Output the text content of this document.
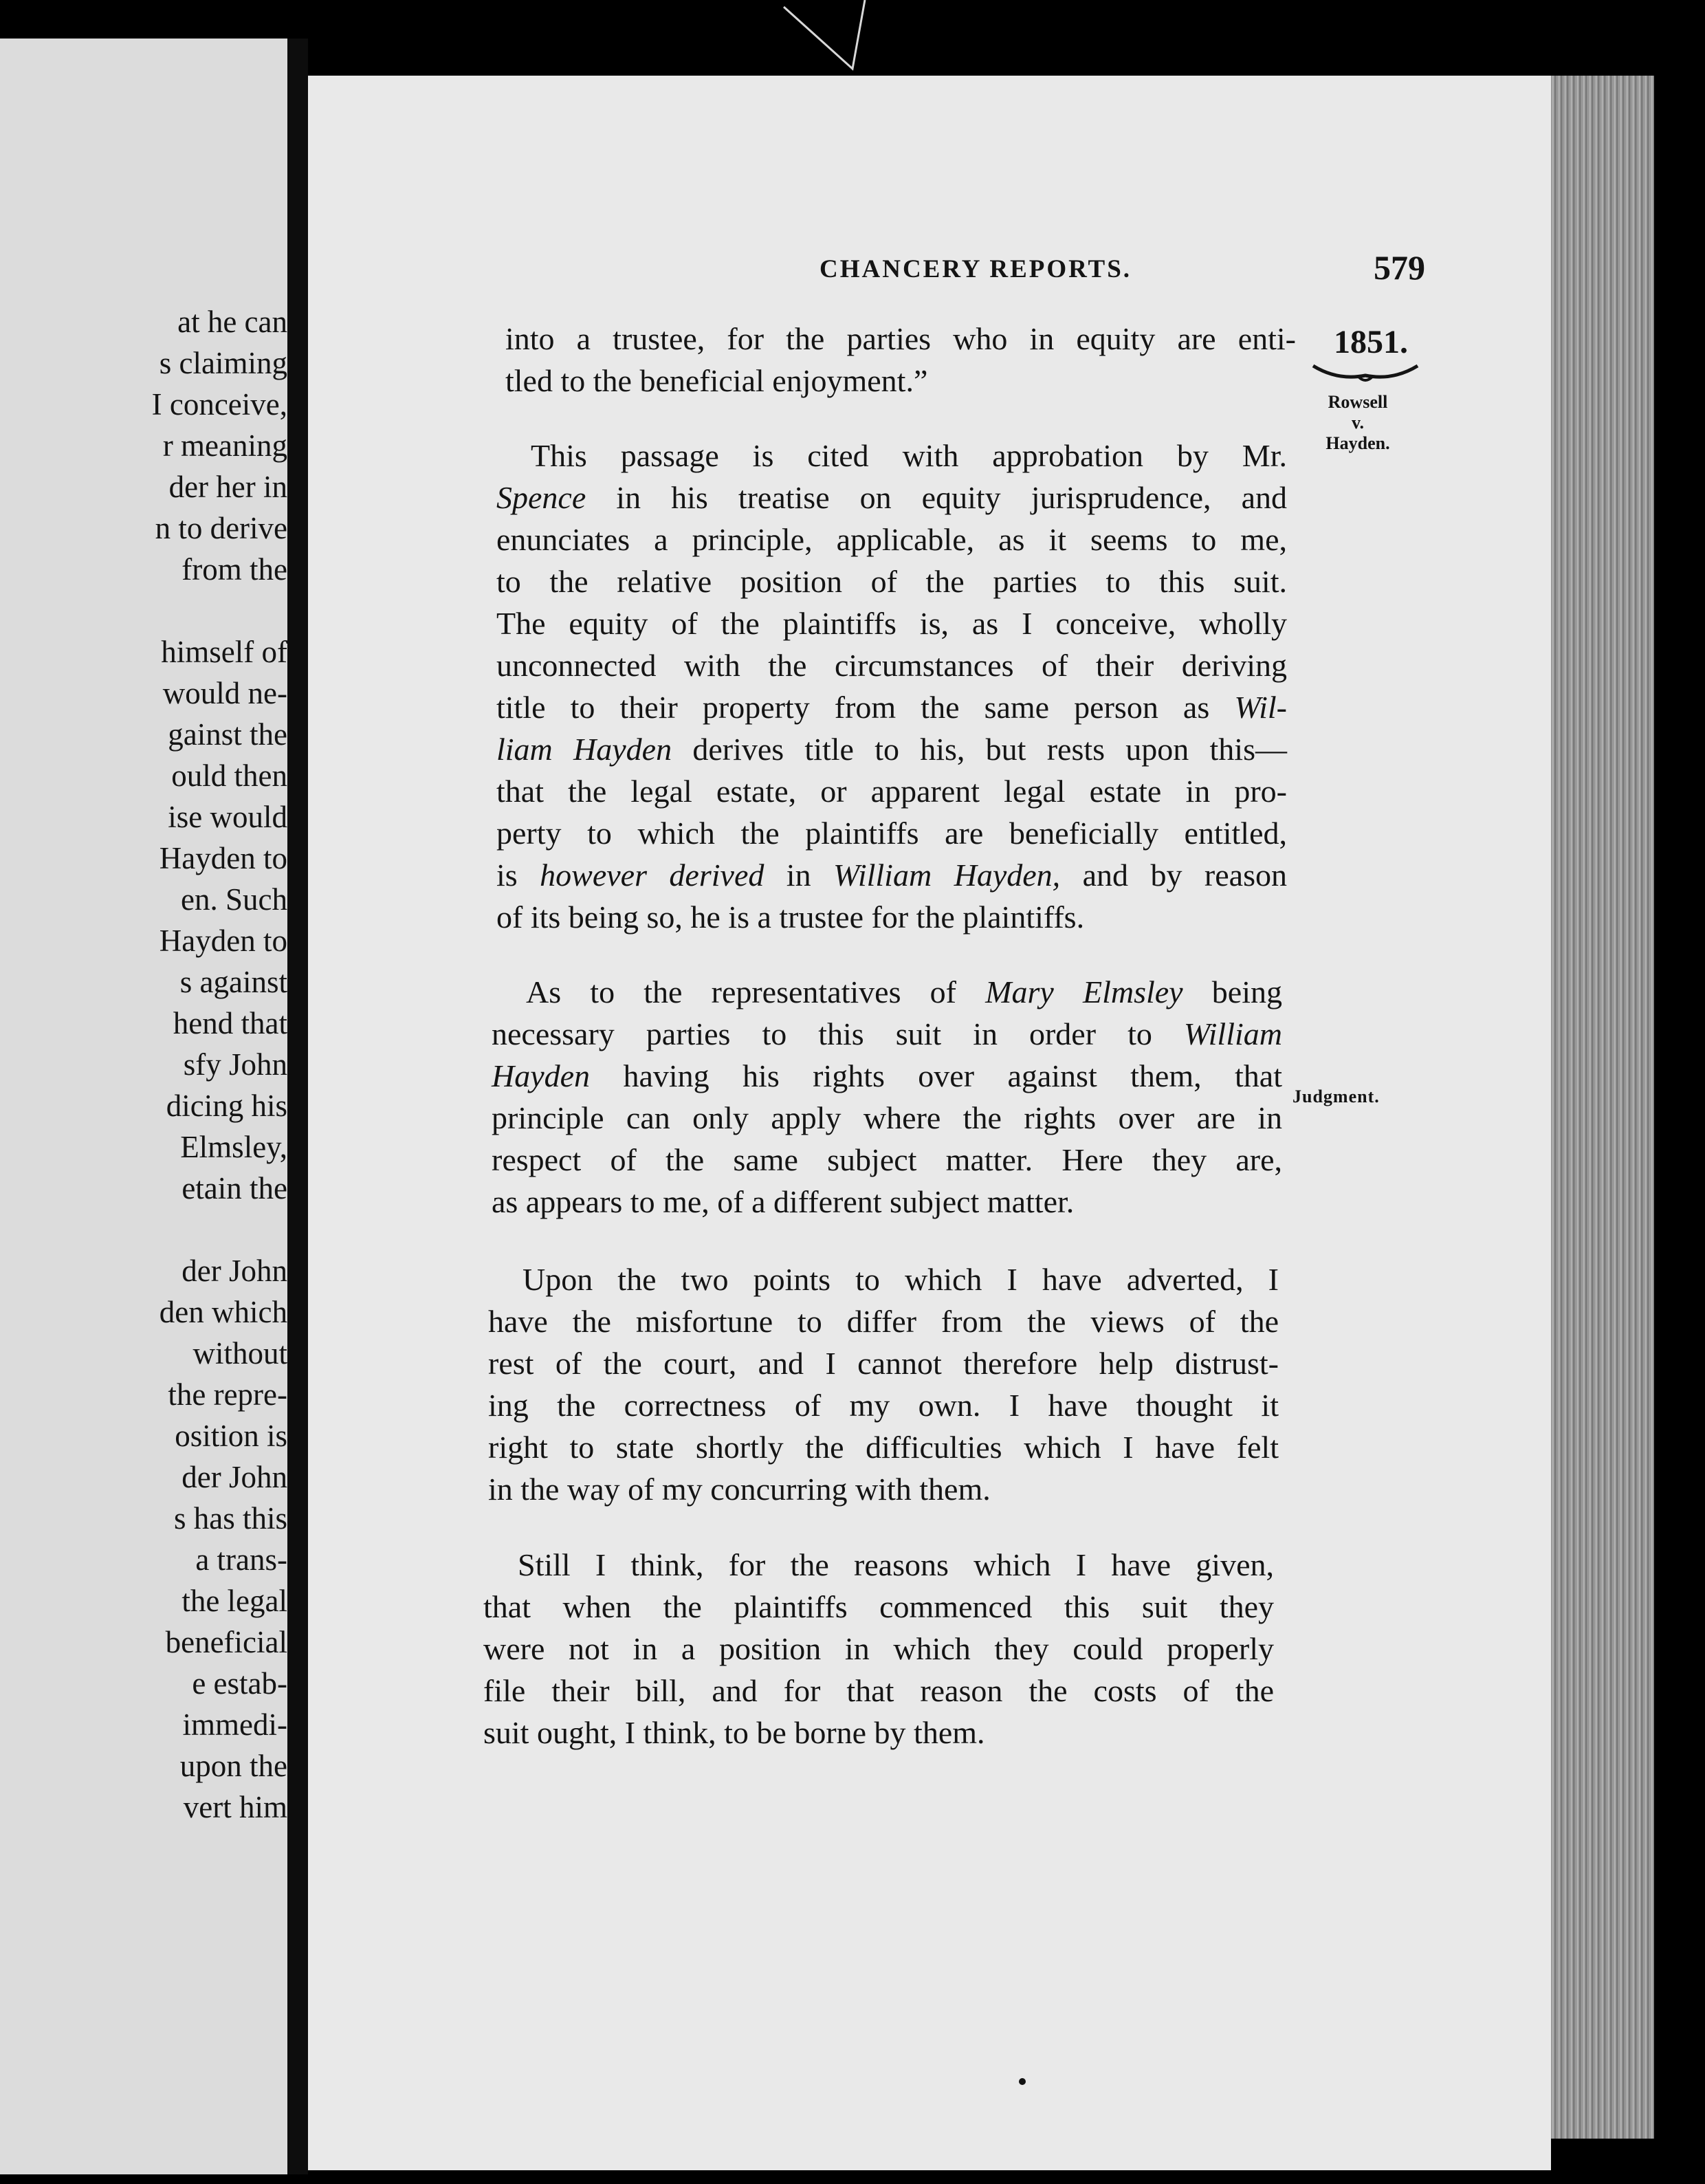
at he can
s claiming
I conceive,
r meaning
der her in
n to derive
from the
himself of
would ne-
gainst the
ould then
ise would
Hayden to
en. Such
Hayden to
s against
hend that
sfy John
dicing his
Elmsley,
etain the
der John
den which
without
the repre-
osition is
der John
s has this
a trans-
the legal
beneficial
e estab-
immedi-
upon the
vert him
CHANCERY REPORTS.	579
1851.
Rowsell
v.
Hayden.
Judgment.
into a trustee, for the parties who in equity are enti-
tled to the beneficial enjoyment.”
This passage is cited with approbation by Mr.
Spence in his treatise on equity jurisprudence, and
enunciates a principle, applicable, as it seems to me,
to the relative position of the parties to this suit.
The equity of the plaintiffs is, as I conceive, wholly
unconnected with the circumstances of their deriving
title to their property from the same person as Wil-
liam Hayden derives title to his, but rests upon this—
that the legal estate, or apparent legal estate in pro-
perty to which the plaintiffs are beneficially entitled,
is however derived in William Hayden, and by reason
of its being so, he is a trustee for the plaintiffs.
As to the representatives of Mary Elmsley being
necessary parties to this suit in order to William
Hayden having his rights over against them, that
principle can only apply where the rights over are in
respect of the same subject matter. Here they are,
as appears to me, of a different subject matter.
Upon the two points to which I have adverted, I
have the misfortune to differ from the views of the
rest of the court, and I cannot therefore help distrust-
ing the correctness of my own. I have thought it
right to state shortly the difficulties which I have felt
in the way of my concurring with them.
Still I think, for the reasons which I have given,
that when the plaintiffs commenced this suit they
were not in a position in which they could properly
file their bill, and for that reason the costs of the
suit ought, I think, to be borne by them.
